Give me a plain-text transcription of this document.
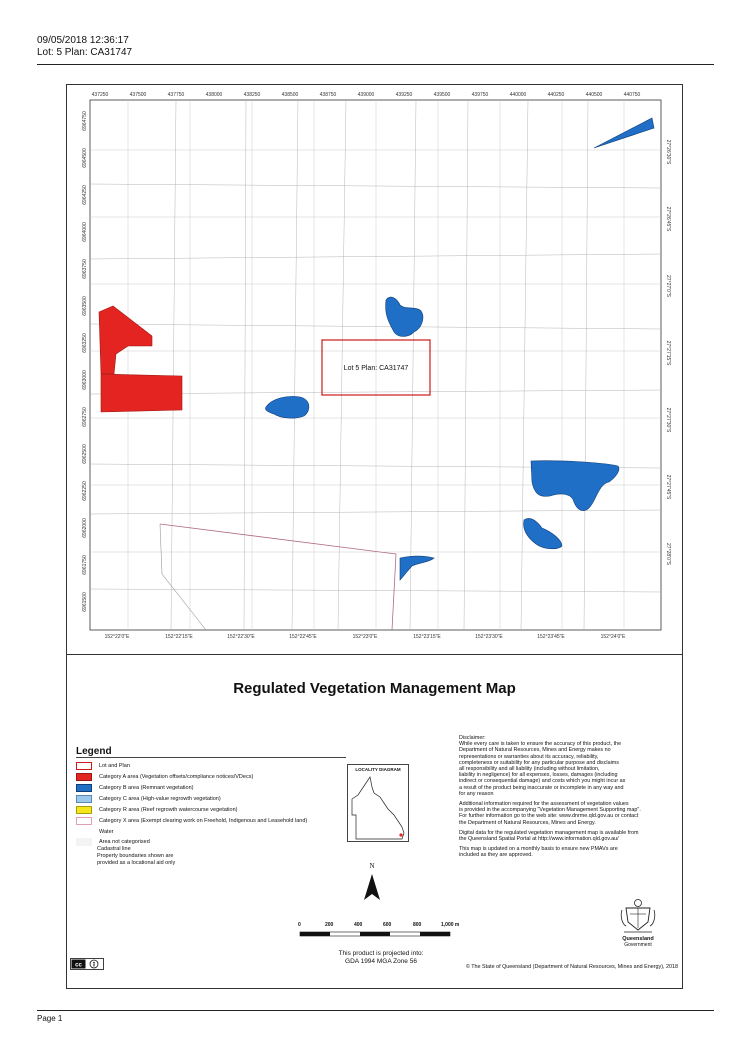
09/05/2018 12:36:17
Lot: 5 Plan: CA31747
Lot 5 Plan: CA31747
437250	437500	437750	438000	438250	438500	438750	439000	439250	439500	439750	440000	440250	440500	440750
6964750
6964500
6964250
6964000
6963750
6963500
6963250
6963000
6962750
6962500
6962250
6962000
6961750
6961500
152°22'0"E	152°22'15"E	152°22'30"E	152°22'45"E	152°23'0"E	152°23'15"E	152°23'30"E	152°23'45"E	152°24'0"E
27°26'30"S
27°26'45"S
27°27'0"S
27°27'15"S
27°27'30"S
27°27'45"S
27°28'0"S
Regulated Vegetation Management Map
Legend
Lot and Plan
Category A area (Vegetation offsets/compliance notices/VDecs)
Category B area (Remnant vegetation)
Category C area (High-value regrowth vegetation)
Category R area (Reef regrowth watercourse vegetation)
Category X area (Exempt clearing work on Freehold, Indigenous and Leasehold land)
Water
Area not categorised
Cadastral line
Property boundaries shown are
provided as a locational aid only
LOCALITY DIAGRAM
N
0	200	400	600	800	1,000 m
This product is projected into:
GDA 1994 MGA Zone 56
Disclaimer:
While every care is taken to ensure the accuracy of this product, the
Department of Natural Resources, Mines and Energy makes no
representations or warranties about its accuracy, reliability,
completeness or suitability for any particular purpose and disclaims
all responsibility and all liability (including without limitation,
liability in negligence) for all expenses, losses, damages (including
indirect or consequential damage) and costs which you might incur as
a result of the product being inaccurate or incomplete in any way and
for any reason
Additional information required for the assessment of vegetation values
is provided in the accompanying "Vegetation Management Supporting map".
For further information go to the web site: www.dnrme.qld.gov.au or contact
the Department of Natural Resources, Mines and Energy.
Digital data for the regulated vegetation management map is available from
the Queensland Spatial Portal at http://www.information.qld.gov.au/
This map is updated on a monthly basis to ensure new PMAVs are
included as they are approved.
Queensland
Government
cc	© The State of Queensland (Department of Natural Resources, Mines and Energy), 2018
Page 1
